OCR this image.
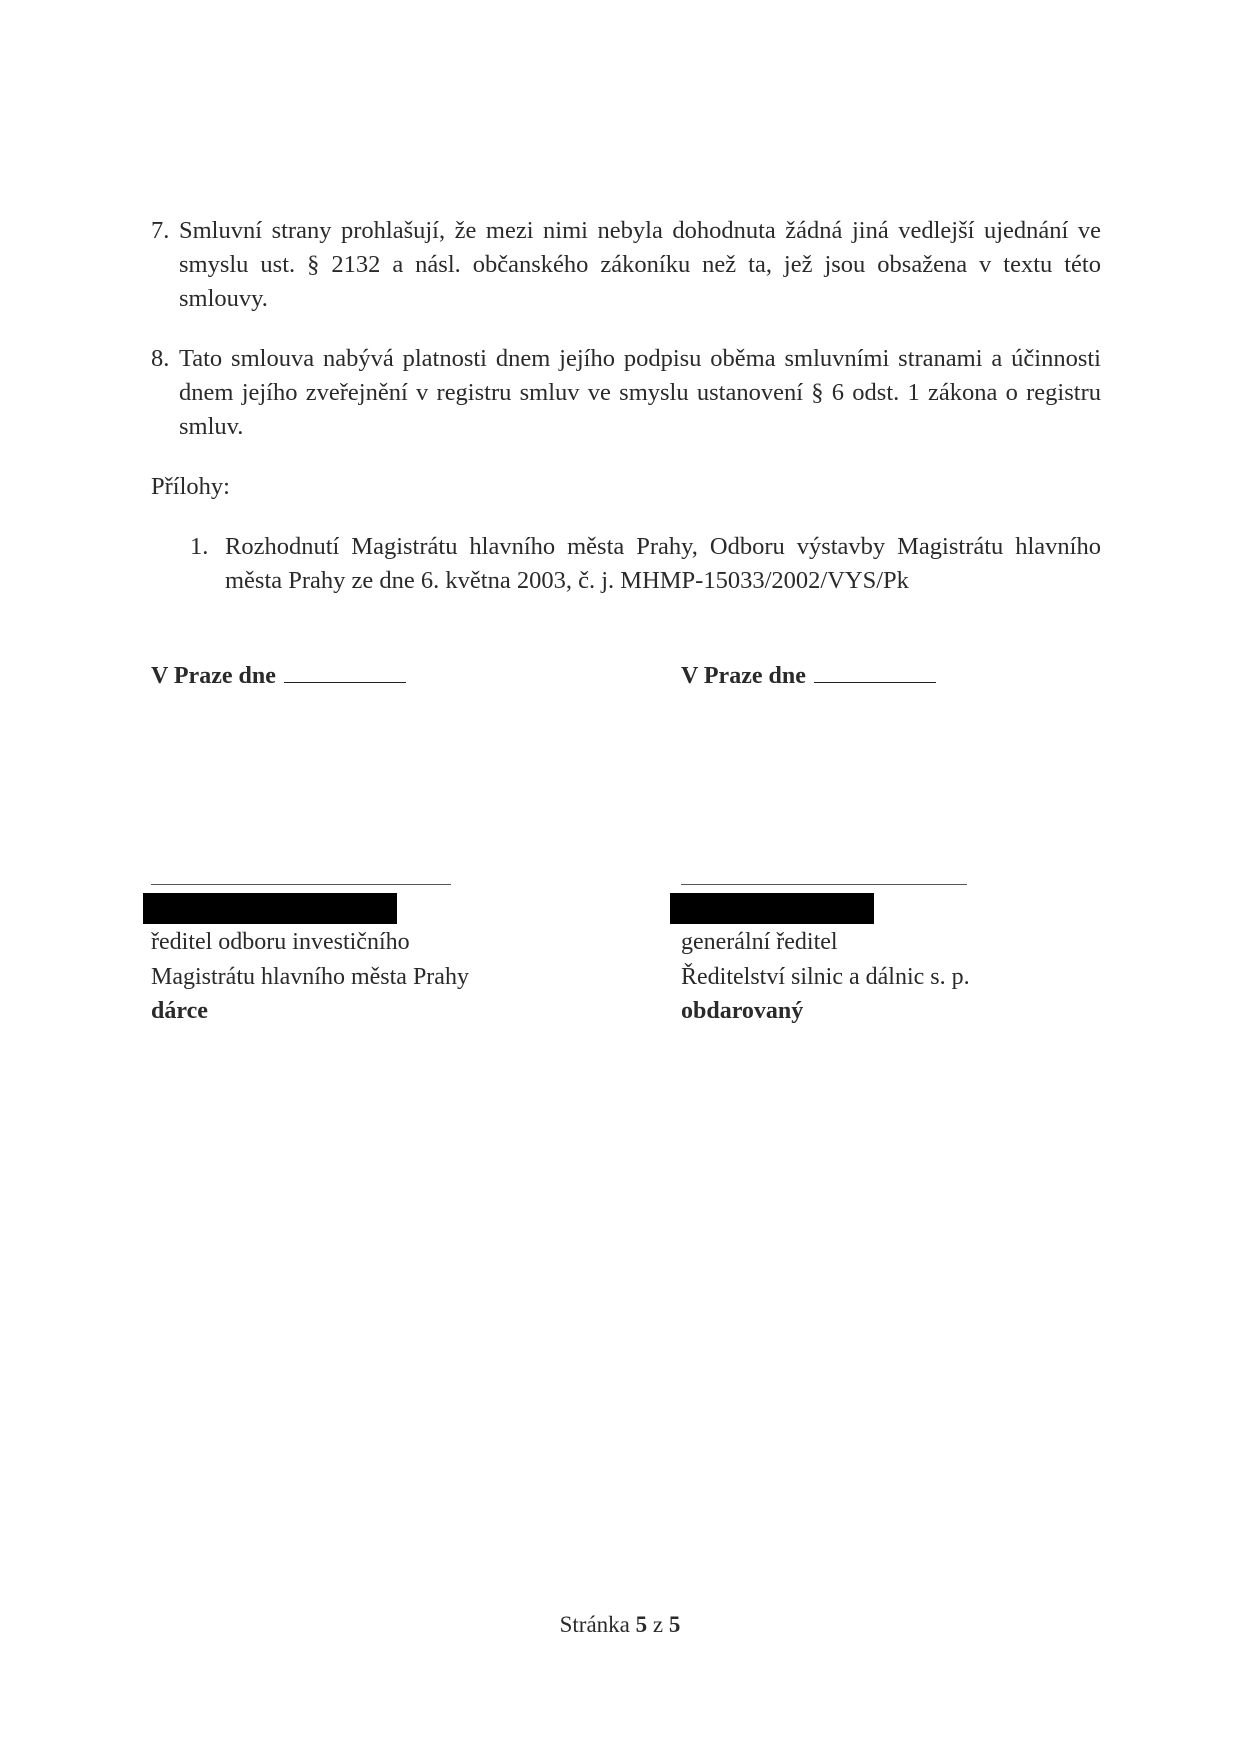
7. Smluvní strany prohlašují, že mezi nimi nebyla dohodnuta žádná jiná vedlejší ujednání ve smyslu ust. § 2132 a násl. občanského zákoníku než ta, jež jsou obsažena v textu této smlouvy.
8. Tato smlouva nabývá platnosti dnem jejího podpisu oběma smluvními stranami a účinnosti dnem jejího zveřejnění v registru smluv ve smyslu ustanovení § 6 odst. 1 zákona o registru smluv.
Přílohy:
1. Rozhodnutí Magistrátu hlavního města Prahy, Odboru výstavby Magistrátu hlavního města Prahy ze dne 6. května 2003, č. j. MHMP-15033/2002/VYS/Pk
V Praze dne	V Praze dne
ředitel odboru investičního
Magistrátu hlavního města Prahy
dárce
generální ředitel
Ředitelství silnic a dálnic s. p.
obdarovaný
Stránka 5 z 5
